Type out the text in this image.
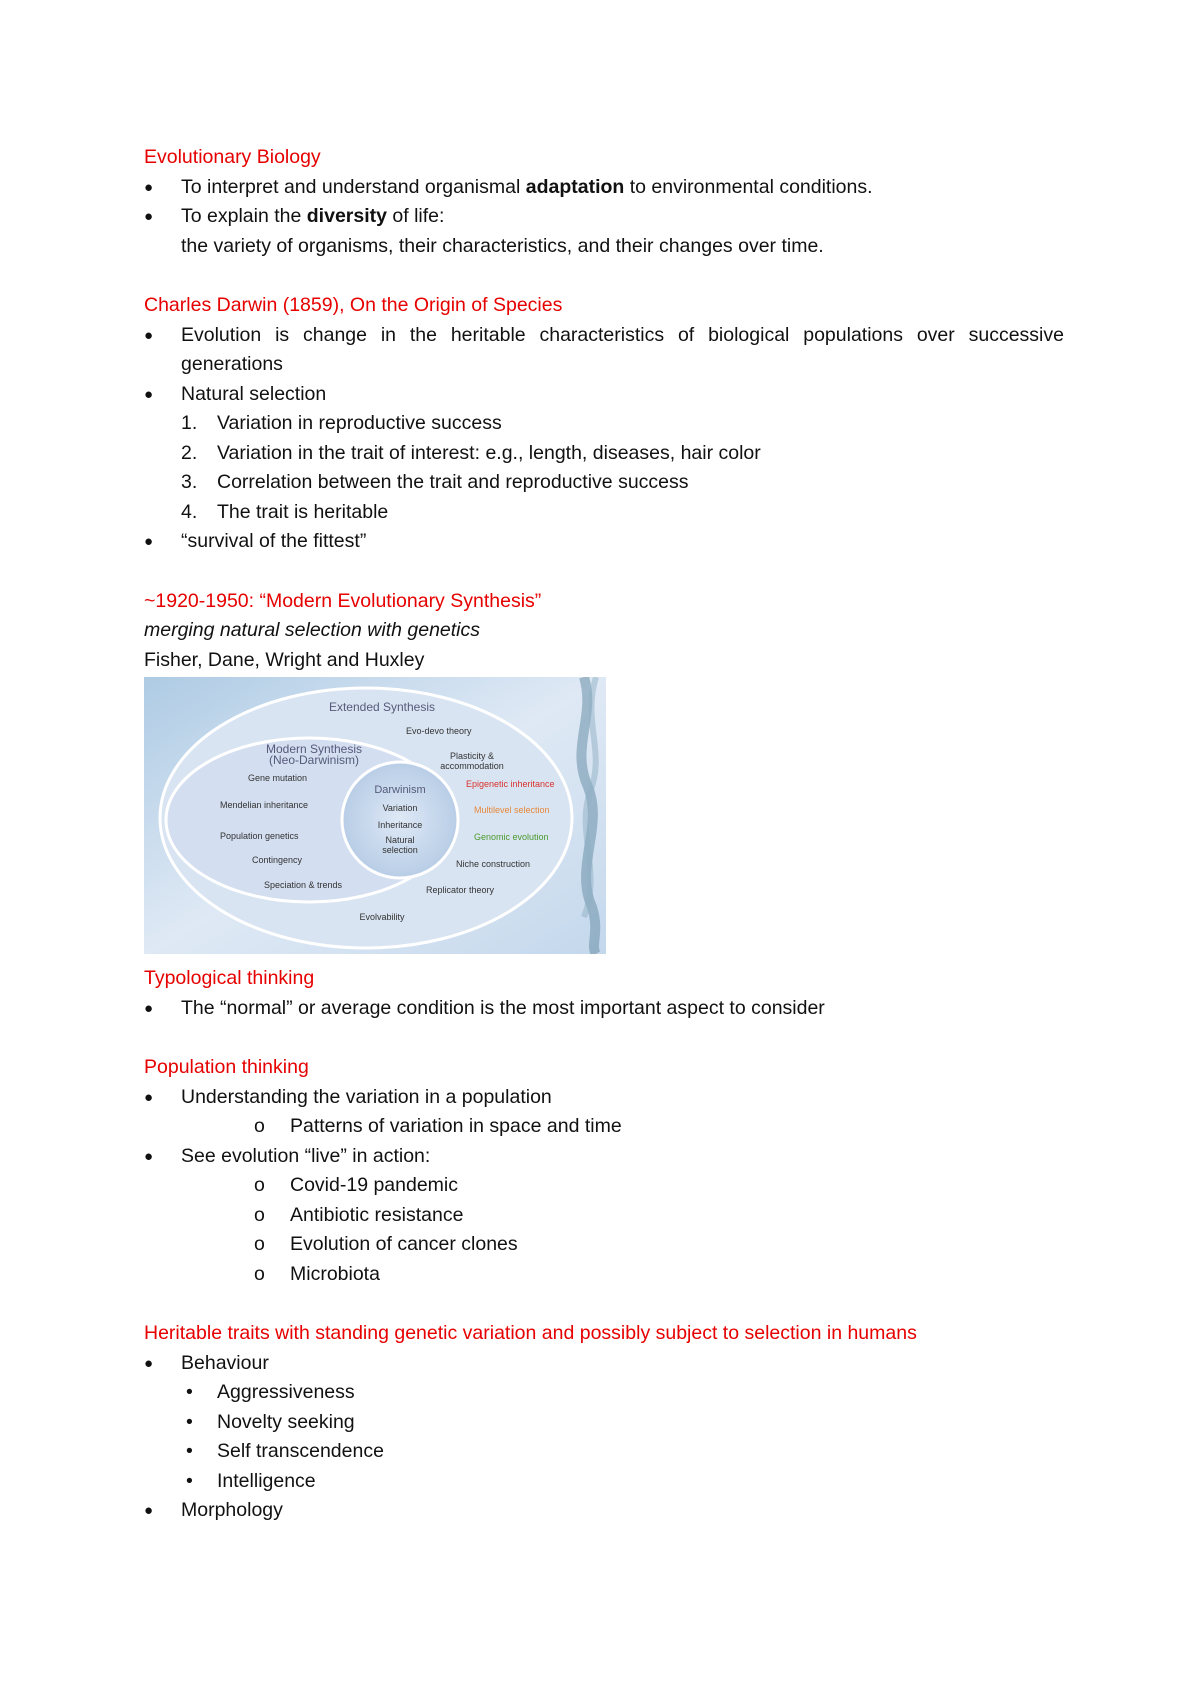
Evolutionary Biology

● To interpret and understand organismal adaptation to environmental conditions.
● To explain the diversity of life:
the variety of organisms, their characteristics, and their changes over time.

Charles Darwin (1859), On the Origin of Species

● Evolution is change in the heritable characteristics of biological populations over successive generations
● Natural selection
1. Variation in reproductive success
2. Variation in the trait of interest: e.g., length, diseases, hair color
3. Correlation between the trait and reproductive success
4. The trait is heritable
● “survival of the fittest”

~1920-1950: “Modern Evolutionary Synthesis”

merging natural selection with genetics
Fisher, Dane, Wright and Huxley
Extended Synthesis
Modern Synthesis
(Neo-Darwinism)
Darwinism
Variation
Inheritance
Natural
selection
Gene mutation
Mendelian inheritance
Population genetics
Contingency
Speciation & trends
Evo-devo theory
Plasticity &
accommodation
Epigenetic inheritance
Multilevel selection
Genomic evolution
Niche construction
Replicator theory
Evolvability

Typological thinking

● The “normal” or average condition is the most important aspect to consider

Population thinking

● Understanding the variation in a population
o Patterns of variation in space and time
● See evolution “live” in action:
o Covid-19 pandemic
o Antibiotic resistance
o Evolution of cancer clones
o Microbiota

Heritable traits with standing genetic variation and possibly subject to selection in humans

● Behaviour
• Aggressiveness
• Novelty seeking
• Self transcendence
• Intelligence
● Morphology
